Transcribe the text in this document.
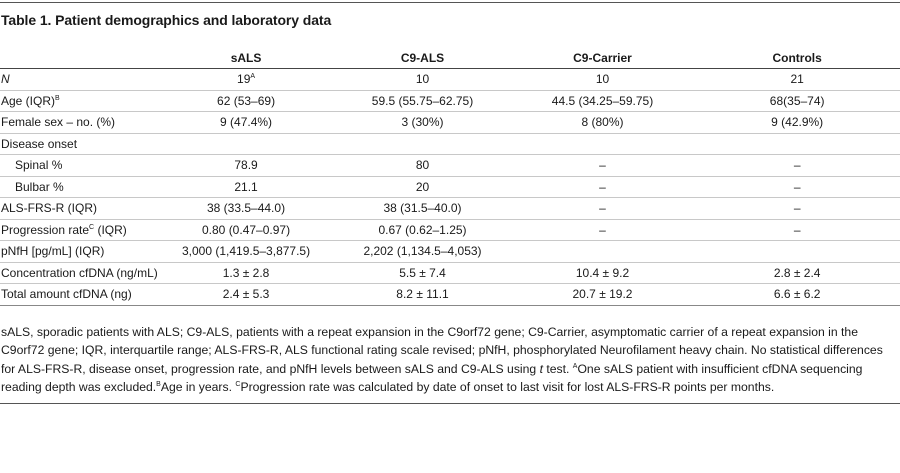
Table 1. Patient demographics and laboratory data
	sALS	C9-ALS	C9-Carrier	Controls
N	$19^A$	10	10	21
Age (IQR)$^B$	62 (53–69)	59.5 (55.75–62.75)	44.5 (34.25–59.75)	68(35–74)
Female sex – no. (%)	9 (47.4%)	3 (30%)	8 (80%)	9 (42.9%)
Disease onset				
Spinal %	78.9	80	–	–
Bulbar %	21.1	20	–	–
ALS-FRS-R (IQR)	38 (33.5–44.0)	38 (31.5–40.0)	–	–
Progression rate$^C$ (IQR)	0.80 (0.47–0.97)	0.67 (0.62–1.25)	–	–
pNfH [pg/mL] (IQR)	3,000 (1,419.5–3,877.5)	2,202 (1,134.5–4,053)		
Concentration cfDNA (ng/mL)	1.3 ± 2.8	5.5 ± 7.4	10.4 ± 9.2	2.8 ± 2.4
Total amount cfDNA (ng)	2.4 ± 5.3	8.2 ± 11.1	20.7 ± 19.2	6.6 ± 6.2
sALS, sporadic patients with ALS; C9-ALS, patients with a repeat expansion in the C9orf72 gene; C9-Carrier, asymptomatic carrier of a repeat expansion in the C9orf72 gene; IQR, interquartile range; ALS-FRS-R, ALS functional rating scale revised; pNfH, phosphorylated Neurofilament heavy chain. No statistical differences for ALS-FRS-R, disease onset, progression rate, and pNfH levels between sALS and C9-ALS using t test. $^A$One sALS patient with insufficient cfDNA sequencing reading depth was excluded.$^B$Age in years. $^C$Progression rate was calculated by date of onset to last visit for lost ALS-FRS-R points per months.
